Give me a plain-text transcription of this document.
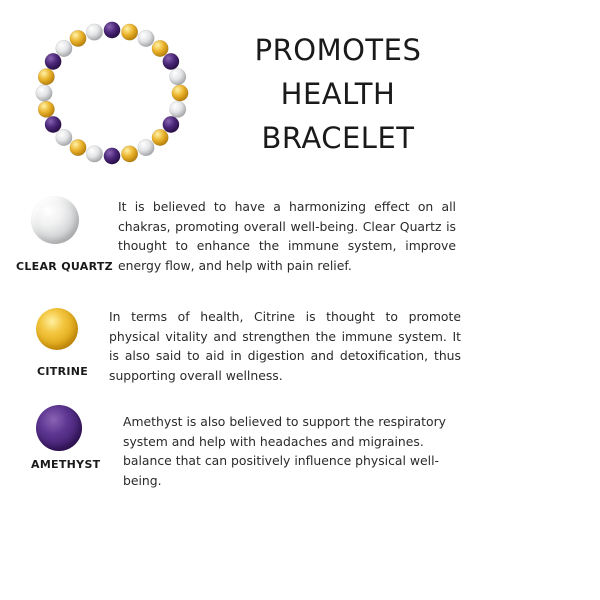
PROMOTES
HEALTH
BRACELET
CLEAR QUARTZ
It is believed to have a harmonizing effect on all chakras, promoting overall well-being. Clear Quartz is thought to enhance the immune system, improve energy flow, and help with pain relief.
CITRINE
In terms of health, Citrine is thought to promote physical vitality and strengthen the immune system. It is also said to aid in digestion and detoxification, thus supporting overall wellness.
AMETHYST
Amethyst is also believed to support the respiratory system and help with headaches and migraines. balance that can positively influence physical well-being.
